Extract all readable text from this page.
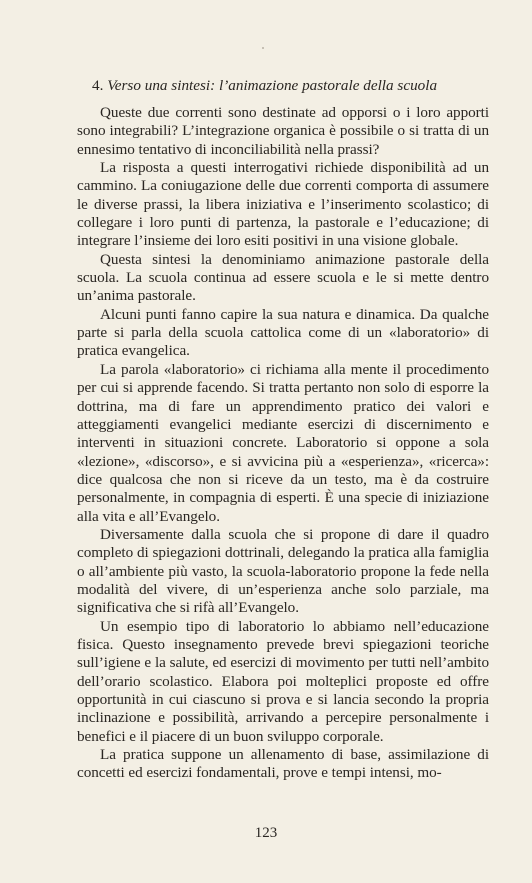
4. Verso una sintesi: l’animazione pastorale della scuola

Queste due correnti sono destinate ad opporsi o i loro apporti sono integrabili? L’integrazione organica è possibile o si tratta di un ennesimo tentativo di inconciliabilità nella prassi?

La risposta a questi interrogativi richiede disponibilità ad un cammino. La coniugazione delle due correnti comporta di assumere le diverse prassi, la libera iniziativa e l’inserimento scolastico; di collegare i loro punti di partenza, la pastorale e l’educazione; di integrare l’insieme dei loro esiti positivi in una visione globale.

Questa sintesi la denominiamo animazione pastorale della scuola. La scuola continua ad essere scuola e le si mette dentro un’anima pastorale.

Alcuni punti fanno capire la sua natura e dinamica. Da qualche parte si parla della scuola cattolica come di un «laboratorio» di pratica evangelica.

La parola «laboratorio» ci richiama alla mente il procedimento per cui si apprende facendo. Si tratta pertanto non solo di esporre la dottrina, ma di fare un apprendimento pratico dei valori e atteggiamenti evangelici mediante esercizi di discernimento e interventi in situazioni concrete. Laboratorio si oppone a sola «lezione», «discorso», e si avvicina più a «esperienza», «ricerca»: dice qualcosa che non si riceve da un testo, ma è da costruire personalmente, in compagnia di esperti. È una specie di iniziazione alla vita e all’Evangelo.

Diversamente dalla scuola che si propone di dare il quadro completo di spiegazioni dottrinali, delegando la pratica alla famiglia o all’ambiente più vasto, la scuola-laboratorio propone la fede nella modalità del vivere, di un’esperienza anche solo parziale, ma significativa che si rifà all’Evangelo.

Un esempio tipo di laboratorio lo abbiamo nell’educazione fisica. Questo insegnamento prevede brevi spiegazioni teoriche sull’igiene e la salute, ed esercizi di movimento per tutti nell’ambito dell’orario scolastico. Elabora poi molteplici proposte ed offre opportunità in cui ciascuno si prova e si lancia secondo la propria inclinazione e possibilità, arrivando a percepire personalmente i benefici e il piacere di un buon sviluppo corporale.

La pratica suppone un allenamento di base, assimilazione di concetti ed esercizi fondamentali, prove e tempi intensi, mo-

123
